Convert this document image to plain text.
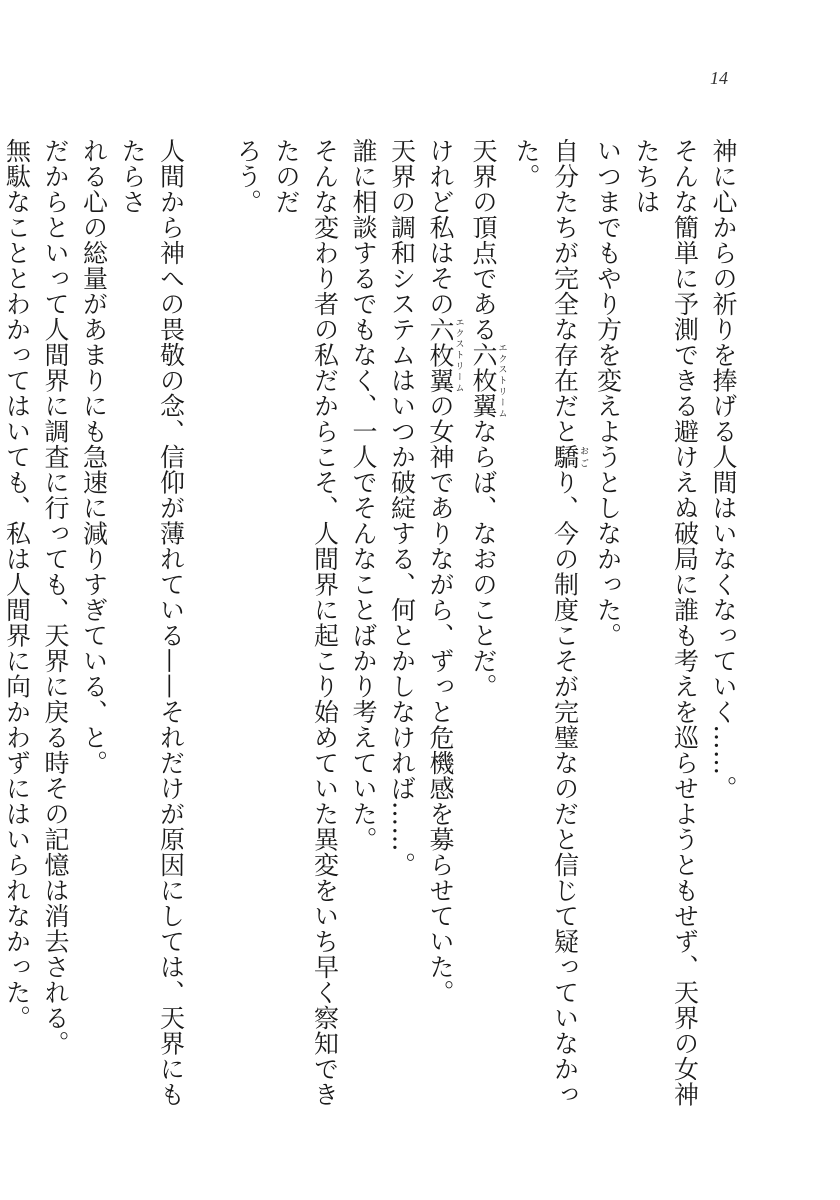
14

神に心からの祈りを捧げる人間はいなくなっていく……。

そんな簡単に予測できる避けえぬ破局に誰も考えを巡らせようともせず、天界の女神たちは

いつまでもやり方を変えようとしなかった。

自分たちが完全な存在だと驕おごり、今の制度こそが完璧なのだと信じて疑っていなかった。

天界の頂点である六枚翼エクストリームならば、なおのことだ。

けれど私はその六枚翼エクストリームの女神でありながら、ずっと危機感を募らせていた。

天界の調和システムはいつか破綻する、何とかしなければ……。

誰に相談するでもなく、一人でそんなことばかり考えていた。

そんな変わり者の私だからこそ、人間界に起こり始めていた異変をいち早く察知できたのだ

ろう。

人間から神への畏敬の念、信仰が薄れている——それだけが原因にしては、天界にもたらさ

れる心の総量があまりにも急速に減りすぎている、と。

だからといって人間界に調査に行っても、天界に戻る時その記憶は消去される。

無駄なこととわかってはいても、私は人間界に向かわずにはいられなかった。
